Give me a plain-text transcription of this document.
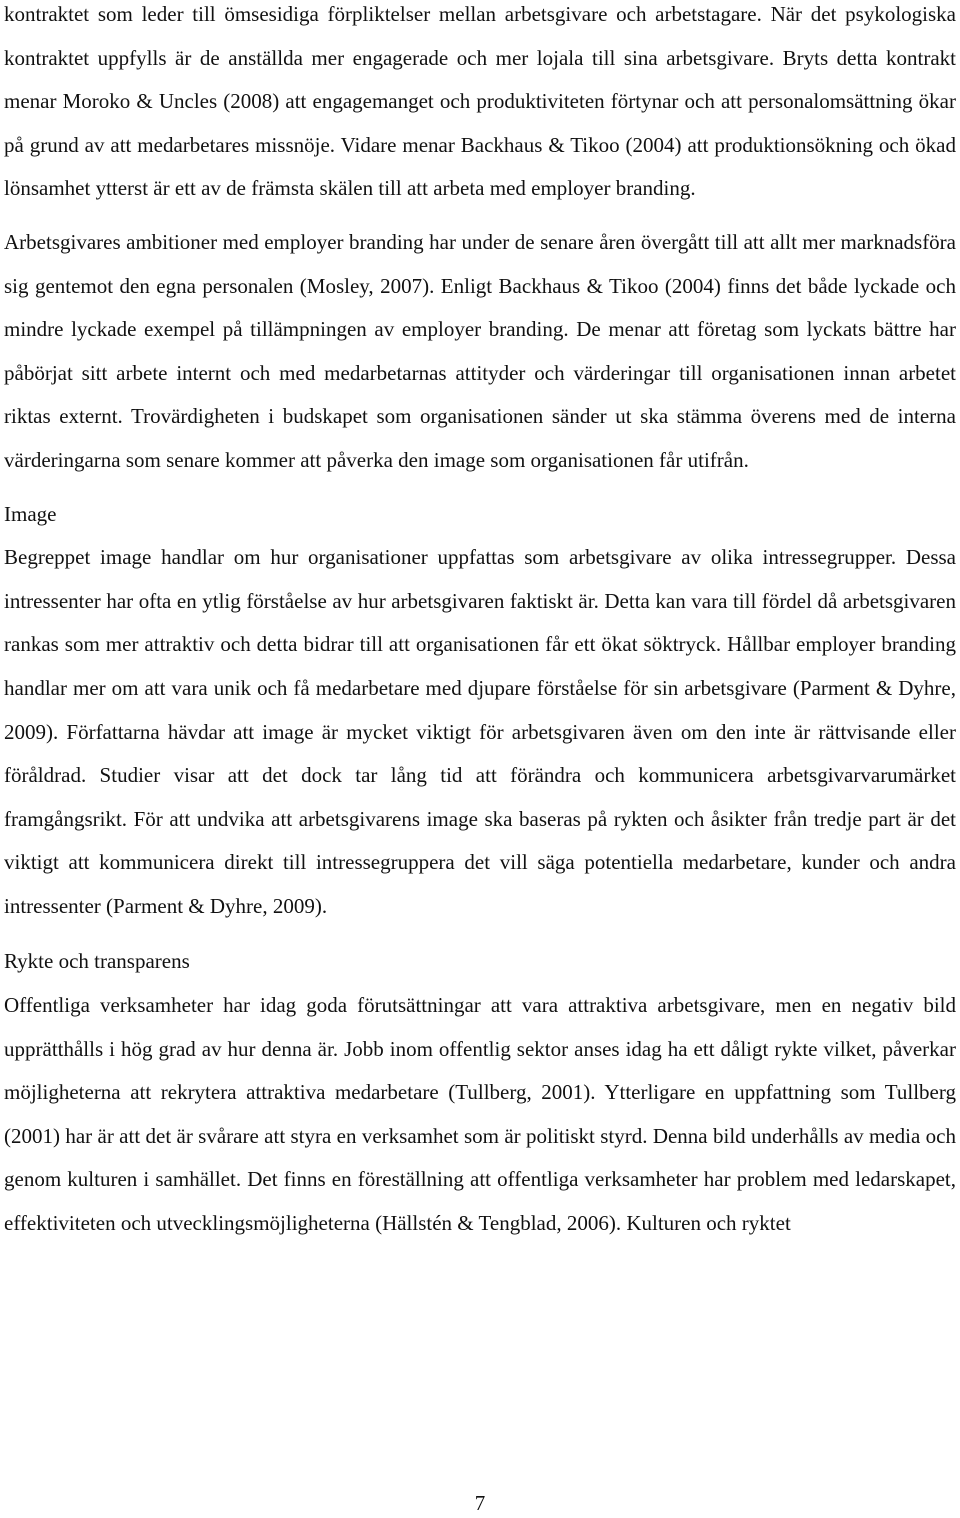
kontraktet som leder till ömsesidiga förpliktelser mellan arbetsgivare och arbetstagare. När det psykologiska kontraktet uppfylls är de anställda mer engagerade och mer lojala till sina arbetsgivare. Bryts detta kontrakt menar Moroko & Uncles (2008) att engagemanget och produktiviteten förtynar och att personalomsättning ökar på grund av att medarbetares missnöje. Vidare menar Backhaus & Tikoo (2004) att produktionsökning och ökad lönsamhet ytterst är ett av de främsta skälen till att arbeta med employer branding.

Arbetsgivares ambitioner med employer branding har under de senare åren övergått till att allt mer marknadsföra sig gentemot den egna personalen (Mosley, 2007). Enligt Backhaus & Tikoo (2004) finns det både lyckade och mindre lyckade exempel på tillämpningen av employer branding. De menar att företag som lyckats bättre har påbörjat sitt arbete internt och med medarbetarnas attityder och värderingar till organisationen innan arbetet riktas externt. Trovärdigheten i budskapet som organisationen sänder ut ska stämma överens med de interna värderingarna som senare kommer att påverka den image som organisationen får utifrån.

Image

Begreppet image handlar om hur organisationer uppfattas som arbetsgivare av olika intressegrupper. Dessa intressenter har ofta en ytlig förståelse av hur arbetsgivaren faktiskt är. Detta kan vara till fördel då arbetsgivaren rankas som mer attraktiv och detta bidrar till att organisationen får ett ökat söktryck. Hållbar employer branding handlar mer om att vara unik och få medarbetare med djupare förståelse för sin arbetsgivare (Parment & Dyhre, 2009). Författarna hävdar att image är mycket viktigt för arbetsgivaren även om den inte är rättvisande eller föråldrad. Studier visar att det dock tar lång tid att förändra och kommunicera arbetsgivarvarumärket framgångsrikt. För att undvika att arbetsgivarens image ska baseras på rykten och åsikter från tredje part är det viktigt att kommunicera direkt till intressegruppera det vill säga potentiella medarbetare, kunder och andra intressenter (Parment & Dyhre, 2009).

Rykte och transparens

Offentliga verksamheter har idag goda förutsättningar att vara attraktiva arbetsgivare, men en negativ bild upprätthålls i hög grad av hur denna är. Jobb inom offentlig sektor anses idag ha ett dåligt rykte vilket, påverkar möjligheterna att rekrytera attraktiva medarbetare (Tullberg, 2001). Ytterligare en uppfattning som Tullberg (2001) har är att det är svårare att styra en verksamhet som är politiskt styrd. Denna bild underhålls av media och genom kulturen i samhället. Det finns en föreställning att offentliga verksamheter har problem med ledarskapet, effektiviteten och utvecklingsmöjligheterna (Hällstén & Tengblad, 2006). Kulturen och ryktet

7
